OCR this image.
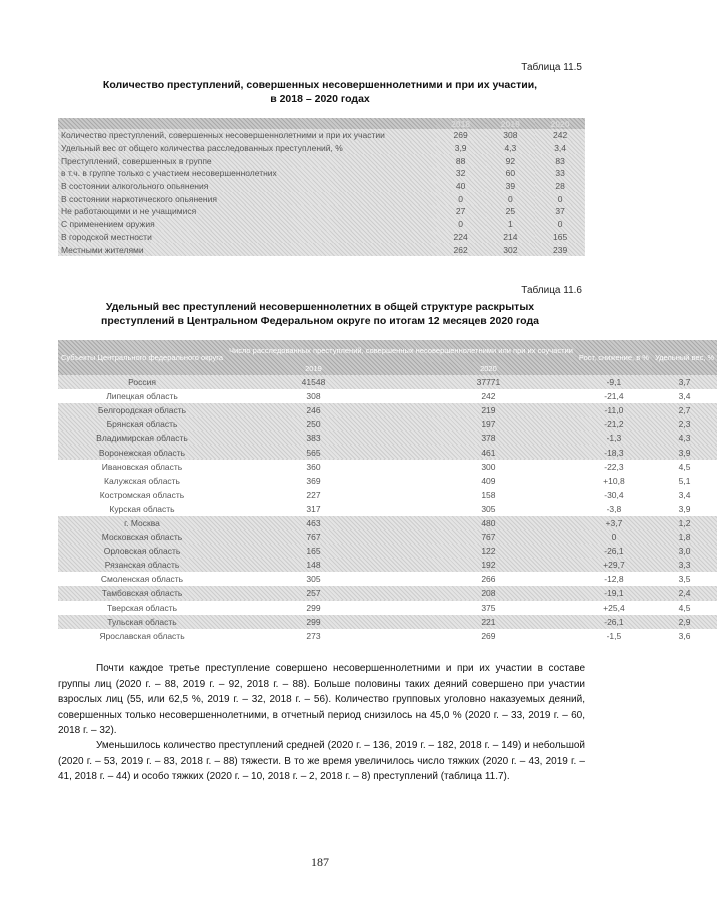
Таблица 11.5
Количество преступлений, совершенных несовершеннолетними и при их участии,
в 2018 – 2020 годах
	2018	2019	2020
Количество преступлений, совершенных несовершеннолетними и при их участии	269	308	242
Удельный вес от общего количества расследованных преступлений, %	3,9	4,3	3,4
Преступлений, совершенных в группе	88	92	83
в т.ч. в группе только с участием несовершеннолетних	32	60	33
В состоянии алкогольного опьянения	40	39	28
В состоянии наркотического опьянения	0	0	0
Не работающими и не учащимися	27	25	37
С применением оружия	0	1	0
В городской местности	224	214	165
Местными жителями	262	302	239
Таблица 11.6
Удельный вес преступлений несовершеннолетних в общей структуре раскрытых
преступлений в Центральном Федеральном округе по итогам 12 месяцев 2020 года
Субъекты Центрального федерального округа	Число расследованных преступлений, совершенных несовершеннолетними или при их соучастии		Рост, снижение, в %	Удельный вес, %
	2019	2020		
Россия	41548	37771	-9,1	3,7
Липецкая область	308	242	-21,4	3,4
Белгородская область	246	219	-11,0	2,7
Брянская область	250	197	-21,2	2,3
Владимирская область	383	378	-1,3	4,3
Воронежская область	565	461	-18,3	3,9
Ивановская область	360	300	-22,3	4,5
Калужская область	369	409	+10,8	5,1
Костромская область	227	158	-30,4	3,4
Курская область	317	305	-3,8	3,9
г. Москва	463	480	+3,7	1,2
Московская область	767	767	0	1,8
Орловская область	165	122	-26,1	3,0
Рязанская область	148	192	+29,7	3,3
Смоленская область	305	266	-12,8	3,5
Тамбовская область	257	208	-19,1	2,4
Тверская область	299	375	+25,4	4,5
Тульская область	299	221	-26,1	2,9
Ярославская область	273	269	-1,5	3,6
Почти каждое третье преступление совершено несовершеннолетними и при их участии в составе группы лиц (2020 г. – 88, 2019 г. – 92, 2018 г. – 88). Больше половины таких деяний совершено при участии взрослых лиц (55, или 62,5 %, 2019 г. – 32, 2018 г. – 56). Количество групповых уголовно наказуемых деяний, совершенных только несовершеннолетними, в отчетный период снизилось на 45,0 % (2020 г. – 33, 2019 г. – 60, 2018 г. – 32).
Уменьшилось количество преступлений средней (2020 г. – 136, 2019 г. – 182, 2018 г. – 149) и небольшой (2020 г. – 53, 2019 г. – 83, 2018 г. – 88) тяжести. В то же время увеличилось число тяжких (2020 г. – 43, 2019 г. – 41, 2018 г. – 44) и особо тяжких (2020 г. – 10, 2018 г. – 2, 2018 г. – 8) преступлений (таблица 11.7).
187
